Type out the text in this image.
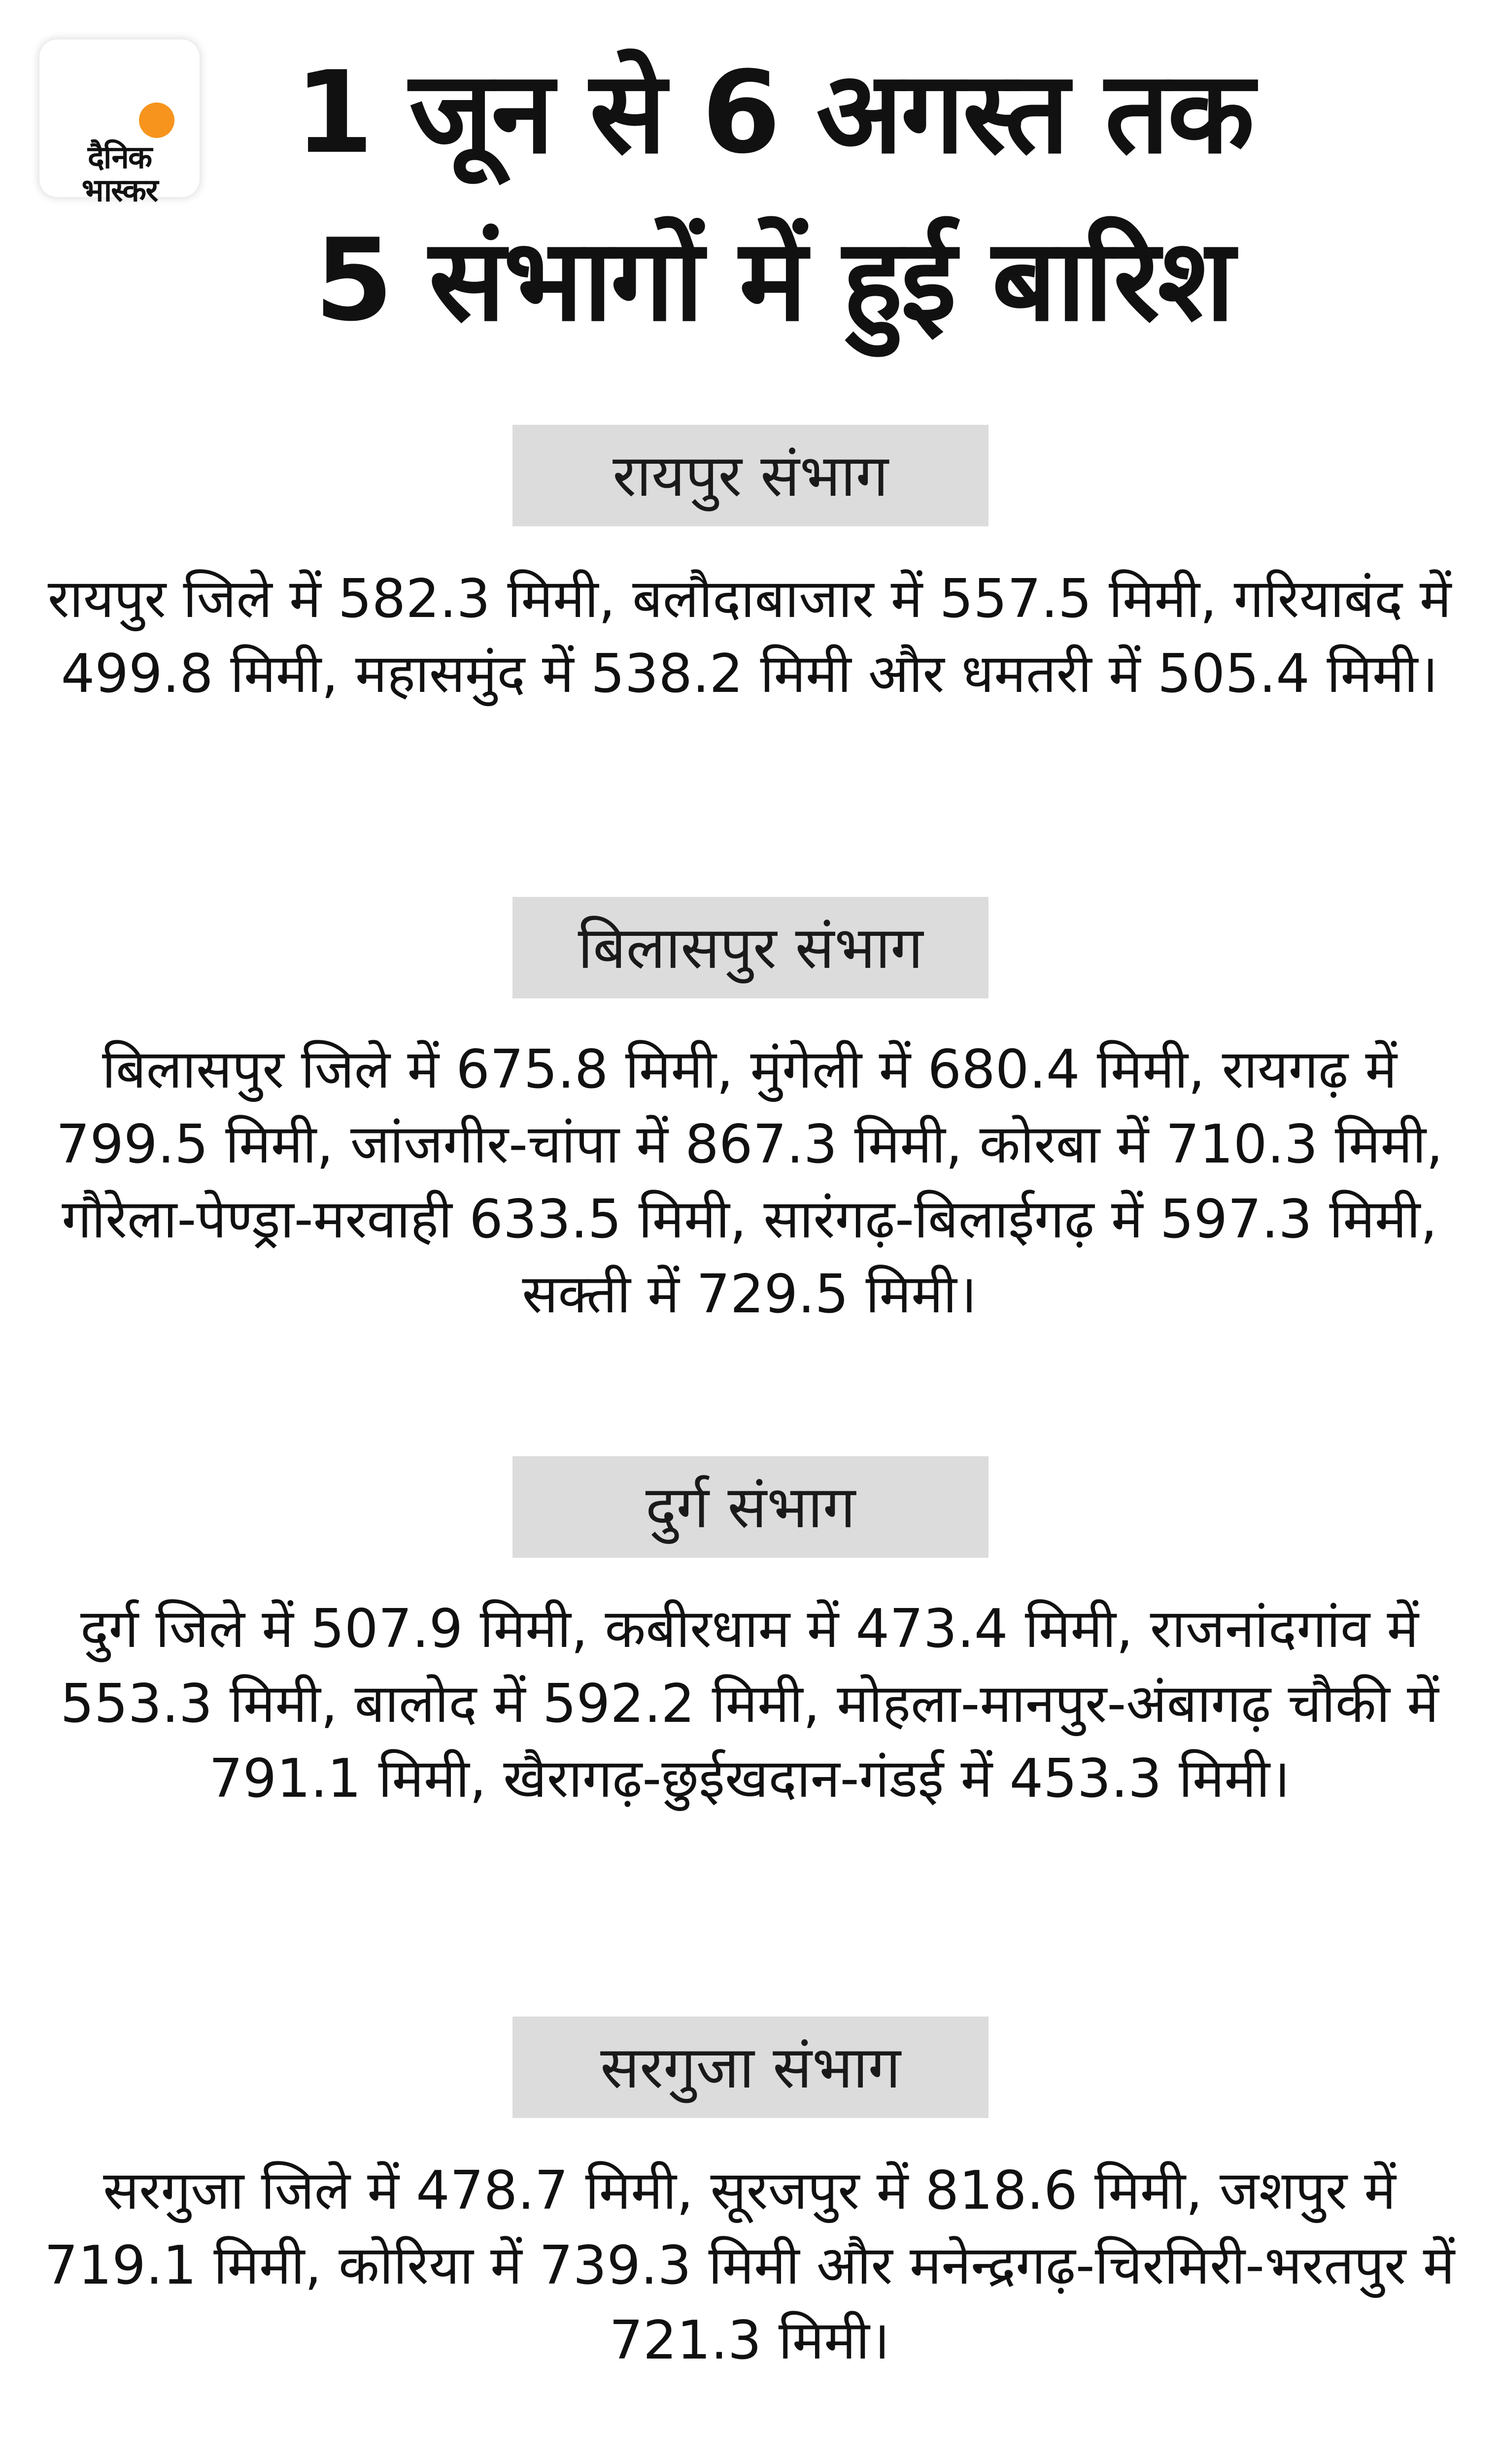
दैनिक
भास्कर
1 जून से 6 अगस्त तक
5 संभागों में हुई बारिश
रायपुर संभाग
रायपुर जिले में 582.3 मिमी, बलौदाबाजार में 557.5 मिमी, गरियाबंद में 499.8 मिमी, महासमुंद में 538.2 मिमी और धमतरी में 505.4 मिमी।
बिलासपुर संभाग
बिलासपुर जिले में 675.8 मिमी, मुंगेली में 680.4 मिमी, रायगढ़ में 799.5 मिमी, जांजगीर-चांपा में 867.3 मिमी, कोरबा में 710.3 मिमी, गौरेला-पेण्ड्रा-मरवाही 633.5 मिमी, सारंगढ़-बिलाईगढ़ में 597.3 मिमी, सक्ती में 729.5 मिमी।
दुर्ग संभाग
दुर्ग जिले में 507.9 मिमी, कबीरधाम में 473.4 मिमी, राजनांदगांव में 553.3 मिमी, बालोद में 592.2 मिमी, मोहला-मानपुर-अंबागढ़ चौकी में 791.1 मिमी, खैरागढ़-छुईखदान-गंडई में 453.3 मिमी।
सरगुजा संभाग
सरगुजा जिले में 478.7 मिमी, सूरजपुर में 818.6 मिमी, जशपुर में 719.1 मिमी, कोरिया में 739.3 मिमी और मनेन्द्रगढ़-चिरमिरी-भरतपुर में 721.3 मिमी।
